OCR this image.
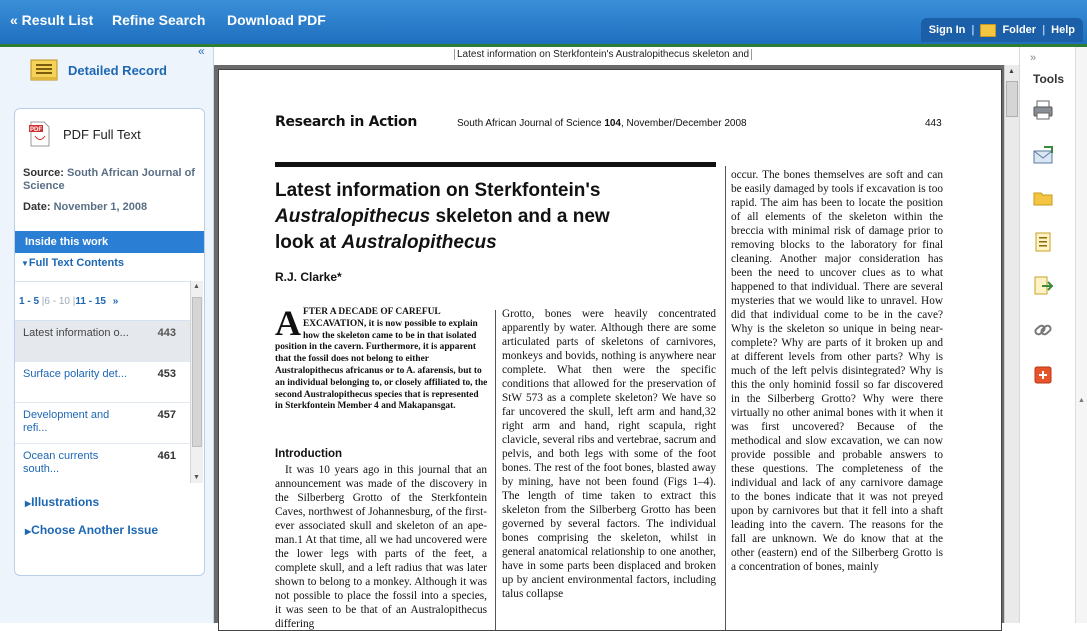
« Result List Refine Search Download PDF
Sign In |	Folder | Help
«
Detailed Record
PDF PDF Full Text
Source: South African Journal of Science
Date: November 1, 2008
Inside this work
▼Full Text Contents
1 - 5 |6 - 10 |11 - 15 »
Latest information o...	443
Surface polarity det...	453
Development and refi...
457
Ocean currents south...
461
▲
▼
▶Illustrations
▶Choose Another Issue
Latest information on Sterkfontein's Australopithecus skeleton and
Research in Action	South African Journal of Science 104, November/December 2008	443
Latest information on Sterkfontein's
Australopithecus skeleton and a new
look at Australopithecus
R.J. Clarke*
AFTER A DECADE OF CAREFUL EXCAVATION, it is now possible to explain how the skeleton came to be in that isolated position in the cavern. Furthermore, it is apparent that the fossil does not belong to either Australopithecus africanus or to A. afarensis, but to an individual belonging to, or closely affiliated to, the second Australopithecus species that is represented in Sterkfontein Member 4 and Makapansgat.
Introduction
It was 10 years ago in this journal that an announcement was made of the discovery in the Silberberg Grotto of the Sterkfontein Caves, northwest of Johannesburg, of the first-ever associated skull and skeleton of an ape-man.1 At that time, all we had uncovered were the lower legs with parts of the feet, a complete skull, and a left radius that was later shown to belong to a monkey. Although it was not possible to place the fossil into a species, it was seen to be that of an Australopithecus differing
Grotto, bones were heavily concentrated apparently by water. Although there are some articulated parts of skeletons of carnivores, monkeys and bovids, nothing is anywhere near complete. What then were the specific conditions that allowed for the preservation of StW 573 as a complete skeleton? We have so far uncovered the skull, left arm and hand,32 right arm and hand, right scapula, right clavicle, several ribs and vertebrae, sacrum and pelvis, and both legs with some of the foot bones. The rest of the foot bones, blasted away by mining, have not been found (Figs 1–4). The length of time taken to extract this skeleton from the Silberberg Grotto has been governed by several factors. The individual bones comprising the skeleton, whilst in general anatomical relationship to one another, have in some parts been displaced and broken up by ancient environmental factors, including talus collapse
occur. The bones themselves are soft and can be easily damaged by tools if excavation is too rapid. The aim has been to locate the position of all elements of the skeleton within the breccia with minimal risk of damage prior to removing blocks to the laboratory for final cleaning. Another major consideration has been the need to uncover clues as to what happened to that individual. There are several mysteries that we would like to unravel. How did that individual come to be in the cave? Why is the skeleton so unique in being near-complete? Why are parts of it broken up and at different levels from other parts? Why is much of the left pelvis disintegrated? Why is this the only hominid fossil so far discovered in the Silberberg Grotto? Why were there virtually no other animal bones with it when it was first uncovered? Because of the methodical and slow excavation, we can now provide possible and probable answers to these questions. The completeness of the individual and lack of any carnivore damage to the bones indicate that it was not preyed upon by carnivores but that it fell into a shaft leading into the cavern. The reasons for the fall are unknown. We do know that at the other (eastern) end of the Silberberg Grotto is a concentration of bones, mainly
▲
»
Tools
▲
